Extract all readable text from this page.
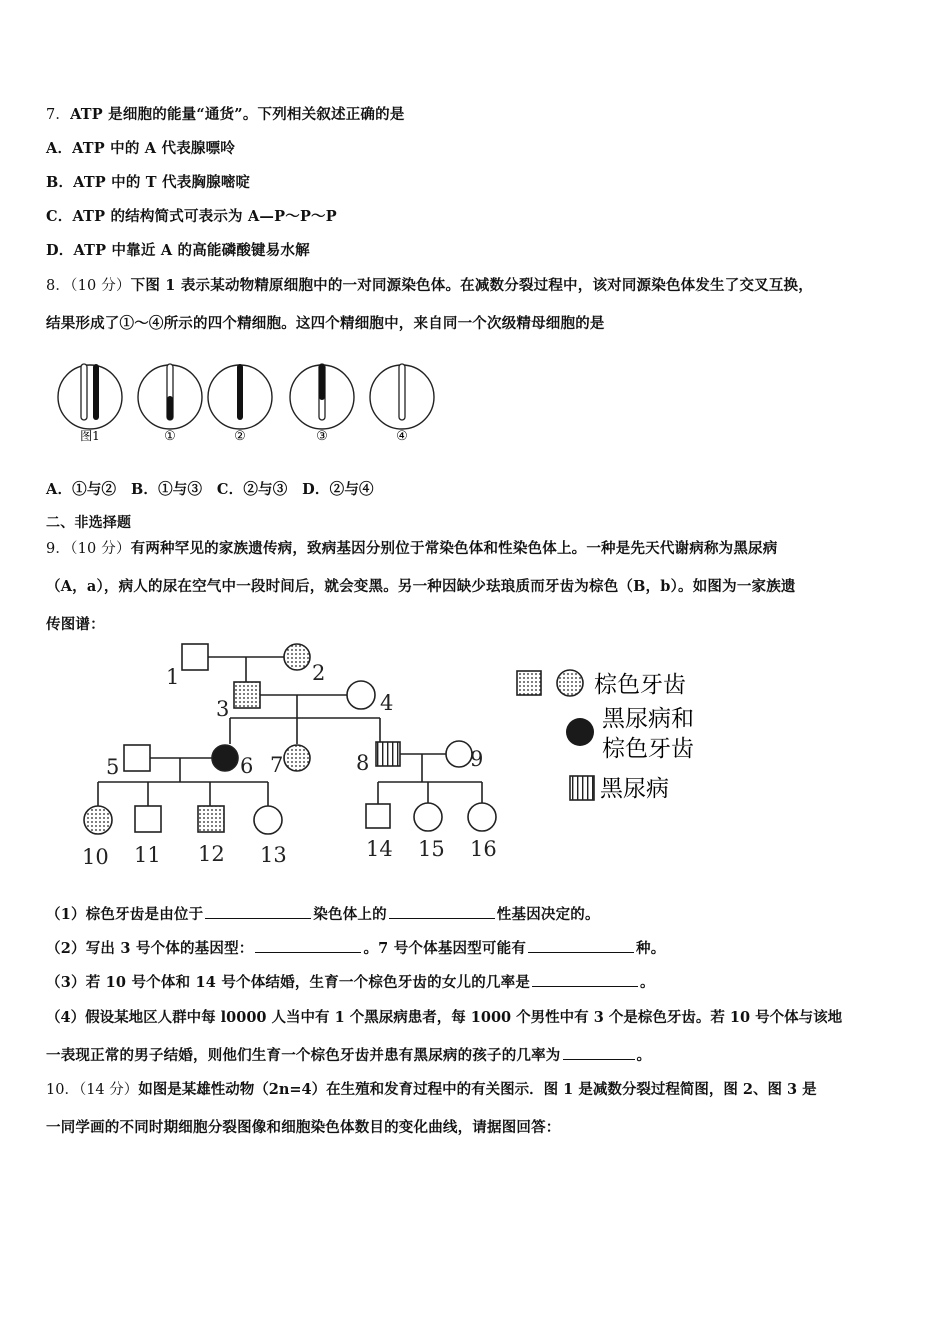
7．ATP 是细胞的能量“通货”。下列相关叙述正确的是
A．ATP 中的 A 代表腺嘌呤
B．ATP 中的 T 代表胸腺嘧啶
C．ATP 的结构简式可表示为 A—P～P～P
D．ATP 中靠近 A 的高能磷酸键易水解
8．（10 分）下图 1 表示某动物精原细胞中的一对同源染色体。在减数分裂过程中，该对同源染色体发生了交叉互换，
结果形成了①～④所示的四个精细胞。这四个精细胞中，来自同一个次级精母细胞的是
图1	①	②	③	④
A．①与②　B．①与③　C．②与③　D．②与④
二、非选择题
9．（10 分）有两种罕见的家族遗传病，致病基因分别位于常染色体和性染色体上。一种是先天代谢病称为黑尿病
（A，a），病人的尿在空气中一段时间后，就会变黑。另一种因缺少珐琅质而牙齿为棕色（B，b）。如图为一家族遗
传图谱：
1	2
3	4
5	6 7	8	9
10 11 12 13	14 15 16
棕色牙齿
黑尿病和
棕色牙齿
黑尿病
（1）棕色牙齿是由位于	染色体上的	性基因决定的。
（2）写出 3 号个体的基因型：	。7 号个体基因型可能有	种。
（3）若 10 号个体和 14 号个体结婚，生育一个棕色牙齿的女儿的几率是	。
（4）假设某地区人群中每 l0000 人当中有 1 个黑尿病患者，每 1000 个男性中有 3 个是棕色牙齿。若 10 号个体与该地
一表现正常的男子结婚，则他们生育一个棕色牙齿并患有黑尿病的孩子的几率为	。
10．（14 分）如图是某雄性动物（2n=4）在生殖和发育过程中的有关图示．图 1 是减数分裂过程简图，图 2、图 3 是
一同学画的不同时期细胞分裂图像和细胞染色体数目的变化曲线，请据图回答：
